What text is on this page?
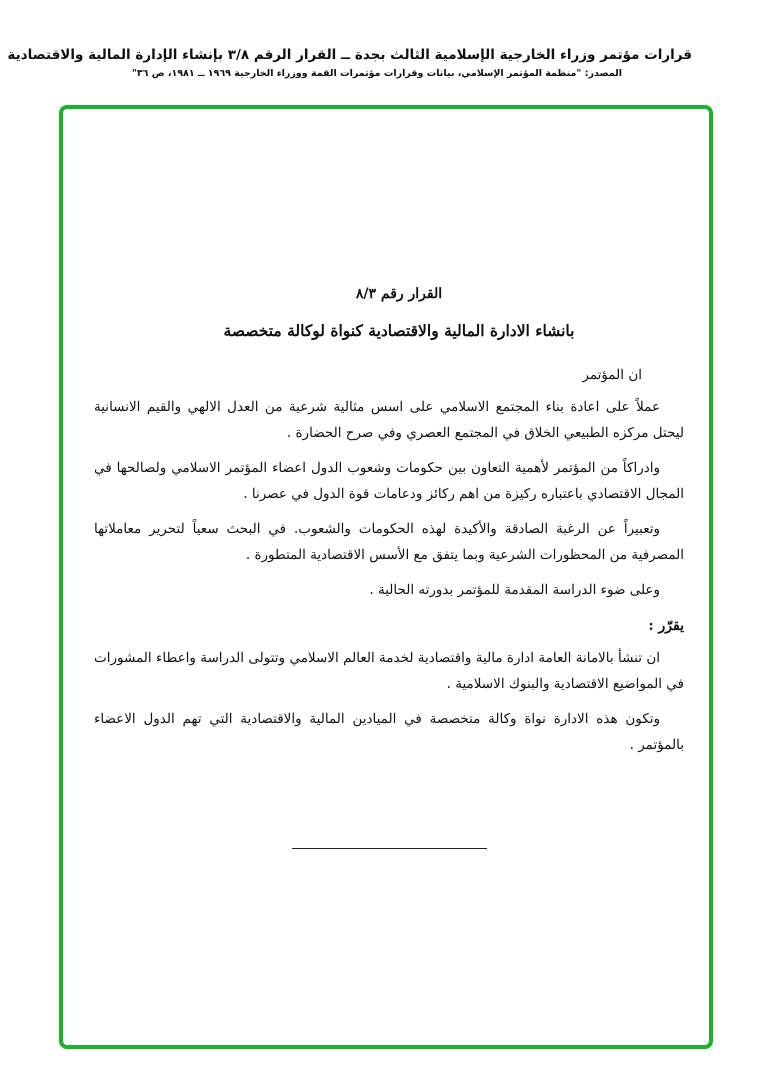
قرارات مؤتمر وزراء الخارجية الإسلامية الثالث بجدة ــ القرار الرقم ٣/٨ بإنشاء الإدارة المالية والاقتصادية
المصدر: "منظمة المؤتمر الإسلامي، بيانات وقرارات مؤتمرات القمة ووزراء الخارجية ١٩٦٩ ــ ١٩٨١، ص ٣٦"
القرار رقم ٨/٣
بانشاء الادارة المالية والاقتصادية كنواة لوكالة متخصصة
ان المؤتمر

عملاً على اعادة بناء المجتمع الاسلامي على اسس مثالية شرعية من العدل الالهي والقيم الانسانية ليحتل مركزه الطبيعي الخلاق في المجتمع العصري وفي صرح الحضارة .

وادراكاً من المؤتمر لأهمية التعاون بين حكومات وشعوب الدول اعضاء المؤتمر الاسلامي ولصالحها في المجال الاقتصادي باعتباره ركيزة من اهم ركائز ودعامات قوة الدول في عصرنا .

وتعبيراً عن الرغبة الصادقة والأكيدة لهذه الحكومات والشعوب. في البحث سعياً لتحرير معاملاتها المصرفية من المحظورات الشرعية وبما يتفق مع الأسس الاقتصادية المتطورة .

وعلى ضوء الدراسة المقدمة للمؤتمر بدورته الحالية .

يقرّر :

ان تنشأ بالامانة العامة ادارة مالية واقتصادية لخدمة العالم الاسلامي وتتولى الدراسة واعطاء المشورات في المواضيع الاقتصادية والبنوك الاسلامية .

وتكون هذه الادارة نواة وكالة متخصصة في الميادين المالية والاقتصادية التي تهم الدول الاعضاء بالمؤتمر .
